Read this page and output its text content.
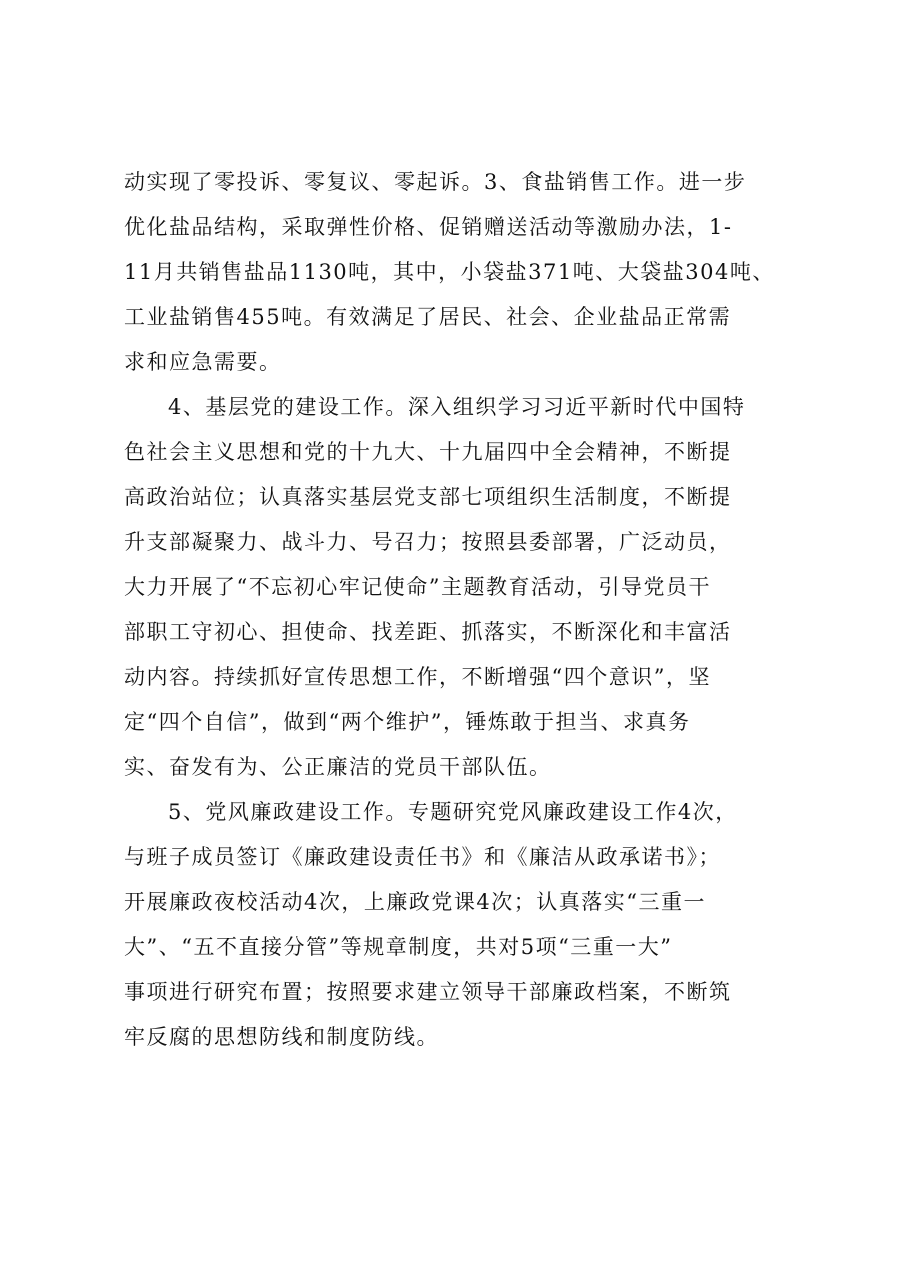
动实现了零投诉、零复议、零起诉。3、食盐销售工作。进一步
优化盐品结构，采取弹性价格、促销赠送活动等激励办法，1-
11月共销售盐品1130吨，其中，小袋盐371吨、大袋盐304吨、
工业盐销售455吨。有效满足了居民、社会、企业盐品正常需
求和应急需要。
4、基层党的建设工作。深入组织学习习近平新时代中国特
色社会主义思想和党的十九大、十九届四中全会精神，不断提
高政治站位；认真落实基层党支部七项组织生活制度，不断提
升支部凝聚力、战斗力、号召力；按照县委部署，广泛动员，
大力开展了“不忘初心牢记使命”主题教育活动，引导党员干
部职工守初心、担使命、找差距、抓落实，不断深化和丰富活
动内容。持续抓好宣传思想工作，不断增强“四个意识”，坚
定“四个自信”，做到“两个维护”，锤炼敢于担当、求真务
实、奋发有为、公正廉洁的党员干部队伍。
5、党风廉政建设工作。专题研究党风廉政建设工作4次，
与班子成员签订《廉政建设责任书》和《廉洁从政承诺书》；
开展廉政夜校活动4次，上廉政党课4次；认真落实“三重一
大”、“五不直接分管”等规章制度，共对5项“三重一大”
事项进行研究布置；按照要求建立领导干部廉政档案，不断筑
牢反腐的思想防线和制度防线。
